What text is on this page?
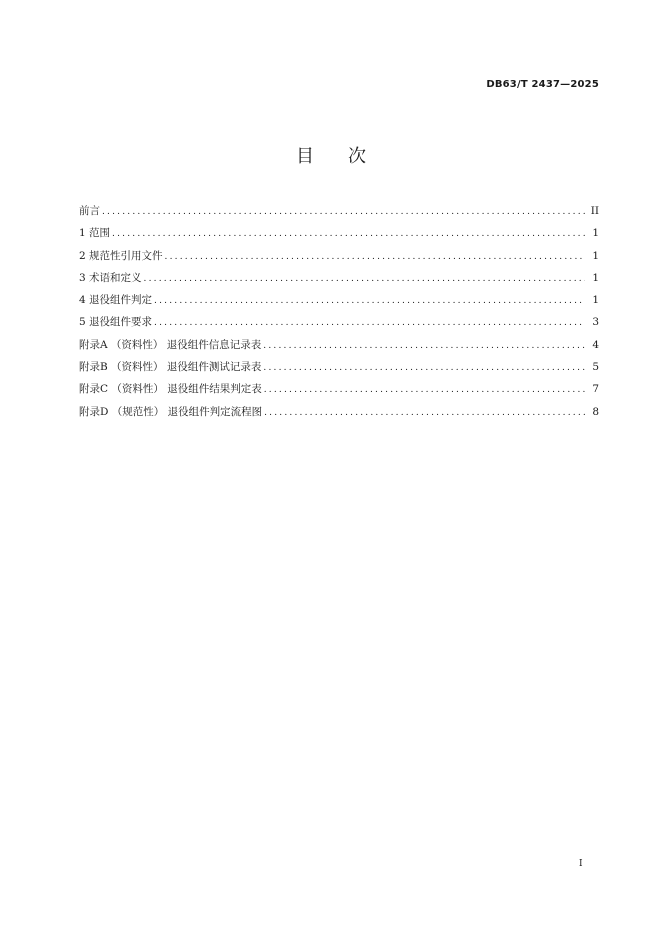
DB63/T 2437—2025
目次
前言 .....	II
1 范围 .....	1
2 规范性引用文件 .....	1
3 术语和定义 .....	1
4 退役组件判定 .....	1
5 退役组件要求 .....	3
附录A （资料性） 退役组件信息记录表 .....	4
附录B （资料性） 退役组件测试记录表 .....	5
附录C （资料性） 退役组件结果判定表 .....	7
附录D （规范性） 退役组件判定流程图 .....	8
I
